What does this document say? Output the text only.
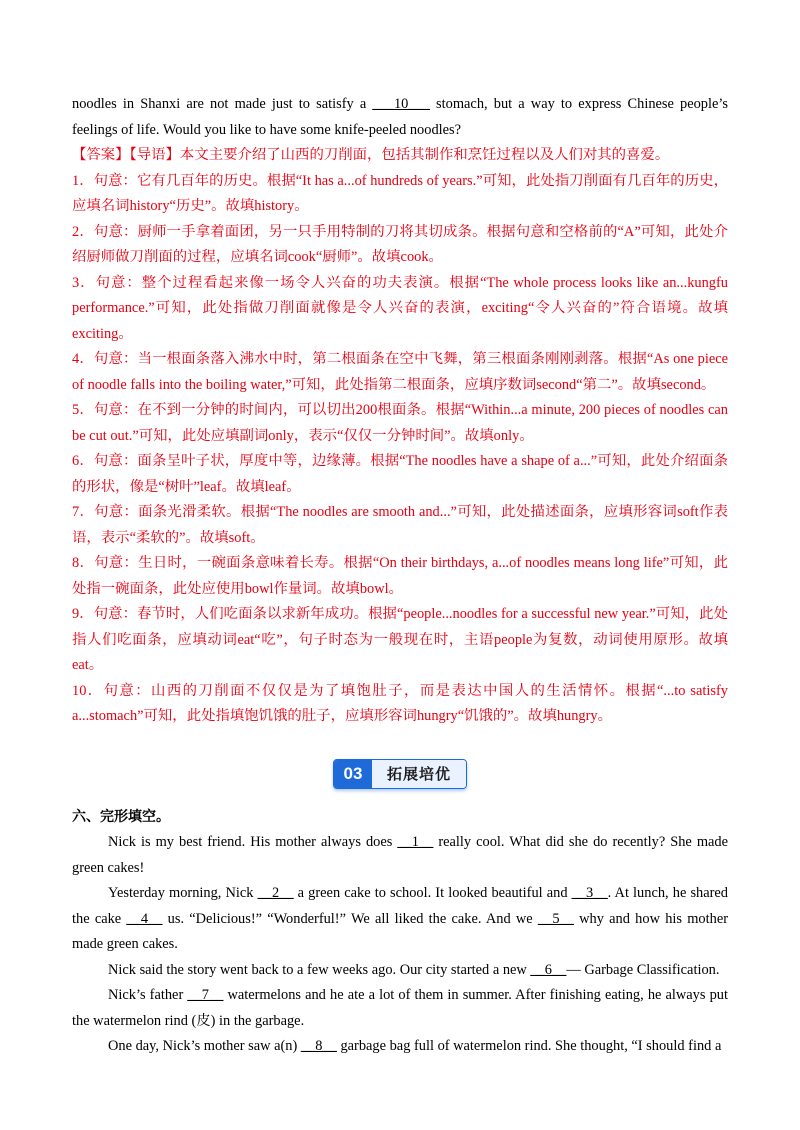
noodles in Shanxi are not made just to satisfy a ___10___ stomach, but a way to express Chinese people’s feelings of life. Would you like to have some knife-peeled noodles?

【答案】【导语】本文主要介绍了山西的刀削面，包括其制作和烹饪过程以及人们对其的喜爱。

1．句意：它有几百年的历史。根据“It has a...of hundreds of years.”可知，此处指刀削面有几百年的历史，应填名词history“历史”。故填history。

2．句意：厨师一手拿着面团，另一只手用特制的刀将其切成条。根据句意和空格前的“A”可知，此处介绍厨师做刀削面的过程，应填名词cook“厨师”。故填cook。

3．句意：整个过程看起来像一场令人兴奋的功夫表演。根据“The whole process looks like an...kungfu performance.”可知，此处指做刀削面就像是令人兴奋的表演，exciting“令人兴奋的”符合语境。故填exciting。

4．句意：当一根面条落入沸水中时，第二根面条在空中飞舞，第三根面条刚刚剥落。根据“As one piece of noodle falls into the boiling water,”可知，此处指第二根面条，应填序数词second“第二”。故填second。

5．句意：在不到一分钟的时间内，可以切出200根面条。根据“Within...a minute, 200 pieces of noodles can be cut out.”可知，此处应填副词only，表示“仅仅一分钟时间”。故填only。

6．句意：面条呈叶子状，厚度中等，边缘薄。根据“The noodles have a shape of a...”可知，此处介绍面条的形状，像是“树叶”leaf。故填leaf。

7．句意：面条光滑柔软。根据“The noodles are smooth and...”可知，此处描述面条，应填形容词soft作表语，表示“柔软的”。故填soft。

8．句意：生日时，一碗面条意味着长寿。根据“On their birthdays, a...of noodles means long life”可知，此处指一碗面条，此处应使用bowl作量词。故填bowl。

9．句意：春节时，人们吃面条以求新年成功。根据“people...noodles for a successful new year.”可知，此处指人们吃面条，应填动词eat“吃”，句子时态为一般现在时，主语people为复数，动词使用原形。故填eat。

10．句意：山西的刀削面不仅仅是为了填饱肚子，而是表达中国人的生活情怀。根据“...to satisfy a...stomach”可知，此处指填饱饥饿的肚子，应填形容词hungry“饥饿的”。故填hungry。

03	拓展培优

六、完形填空。

Nick is my best friend. His mother always does __1__ really cool. What did she do recently? She made green cakes!

Yesterday morning, Nick __2__ a green cake to school. It looked beautiful and __3__. At lunch, he shared the cake __4__ us. “Delicious!” “Wonderful!” We all liked the cake. And we __5__ why and how his mother made green cakes.

Nick said the story went back to a few weeks ago. Our city started a new __6__— Garbage Classification.

Nick’s father __7__ watermelons and he ate a lot of them in summer. After finishing eating, he always put the watermelon rind (皮) in the garbage.

One day, Nick’s mother saw a(n) __8__ garbage bag full of watermelon rind. She thought, “I should find a
